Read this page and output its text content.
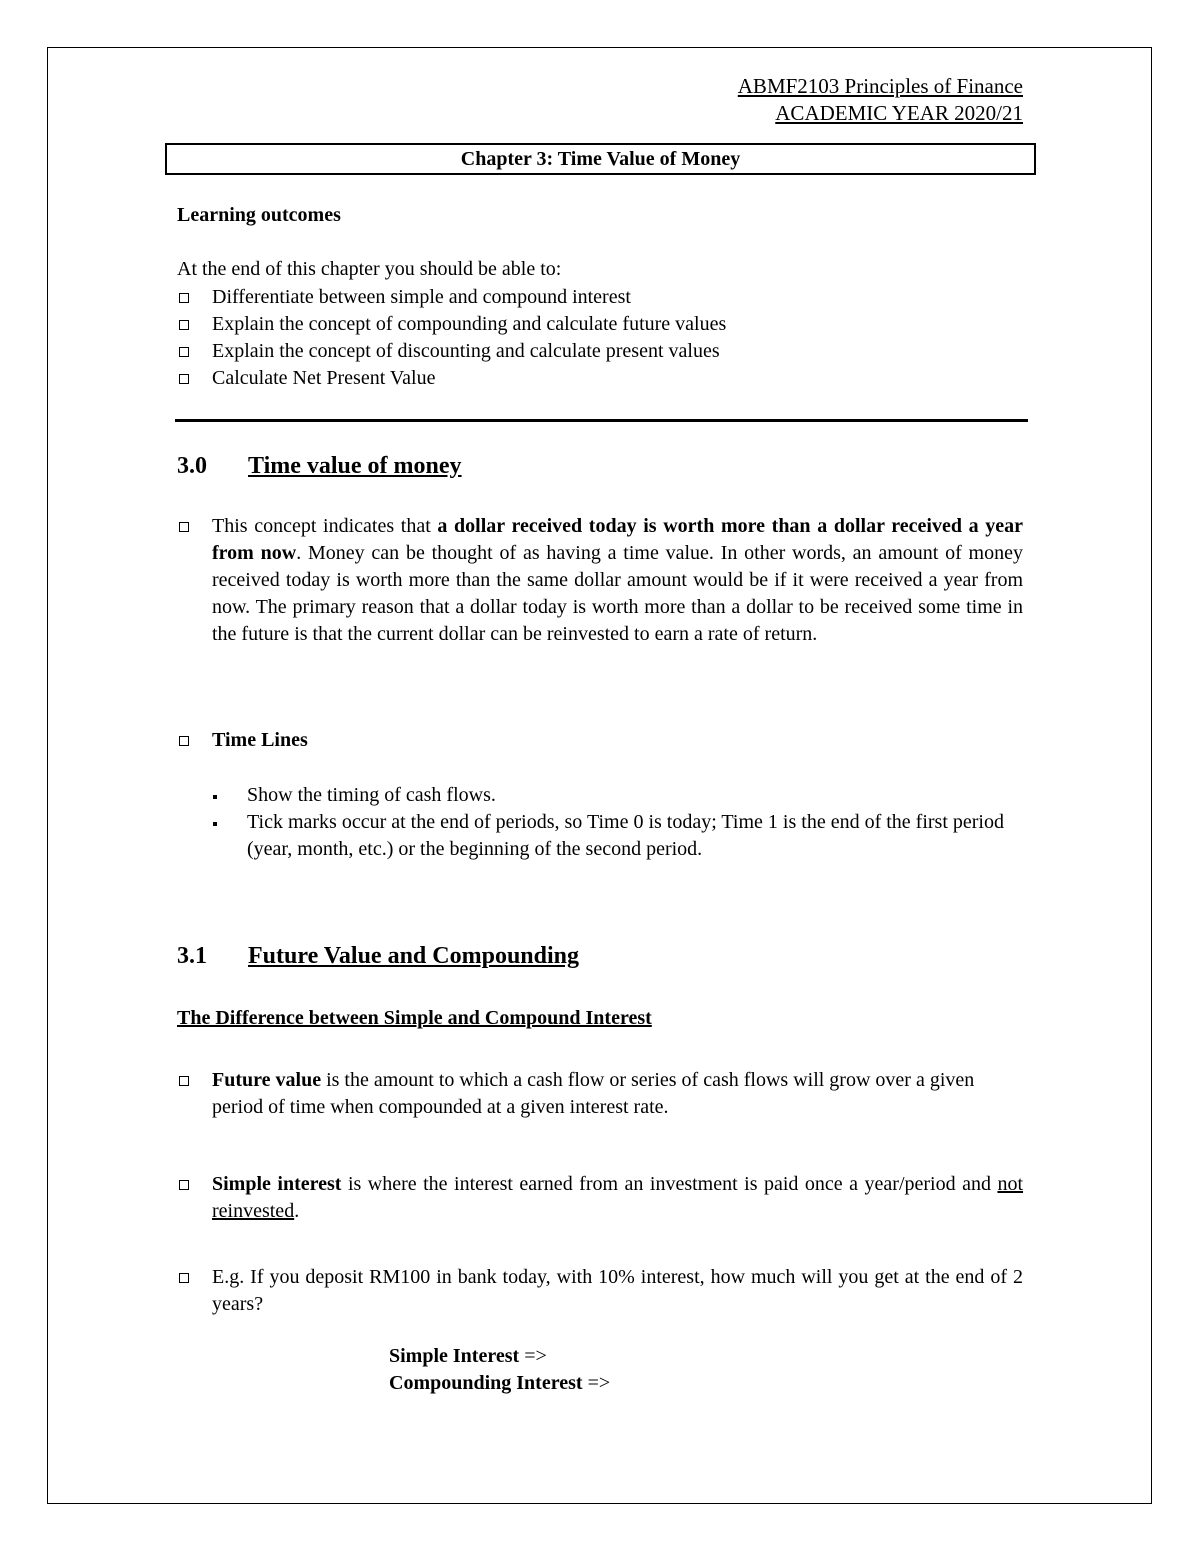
ABMF2103 Principles of Finance

ACADEMIC YEAR 2020/21

Chapter 3: Time Value of Money

Learning outcomes

At the end of this chapter you should be able to:

Differentiate between simple and compound interest
Explain the concept of compounding and calculate future values
Explain the concept of discounting and calculate present values
Calculate Net Present Value

3.0 Time value of money

This concept indicates that a dollar received today is worth more than a dollar received a year from now. Money can be thought of as having a time value. In other words, an amount of money received today is worth more than the same dollar amount would be if it were received a year from now. The primary reason that a dollar today is worth more than a dollar to be received some time in the future is that the current dollar can be reinvested to earn a rate of return.

Time Lines
Show the timing of cash flows.
Tick marks occur at the end of periods, so Time 0 is today; Time 1 is the end of the first period (year, month, etc.) or the beginning of the second period.

3.1 Future Value and Compounding

The Difference between Simple and Compound Interest

Future value is the amount to which a cash flow or series of cash flows will grow over a given period of time when compounded at a given interest rate.

Simple interest is where the interest earned from an investment is paid once a year/period and not reinvested.

E.g. If you deposit RM100 in bank today, with 10% interest, how much will you get at the end of 2 years?

Simple Interest =>
Compounding Interest =>
